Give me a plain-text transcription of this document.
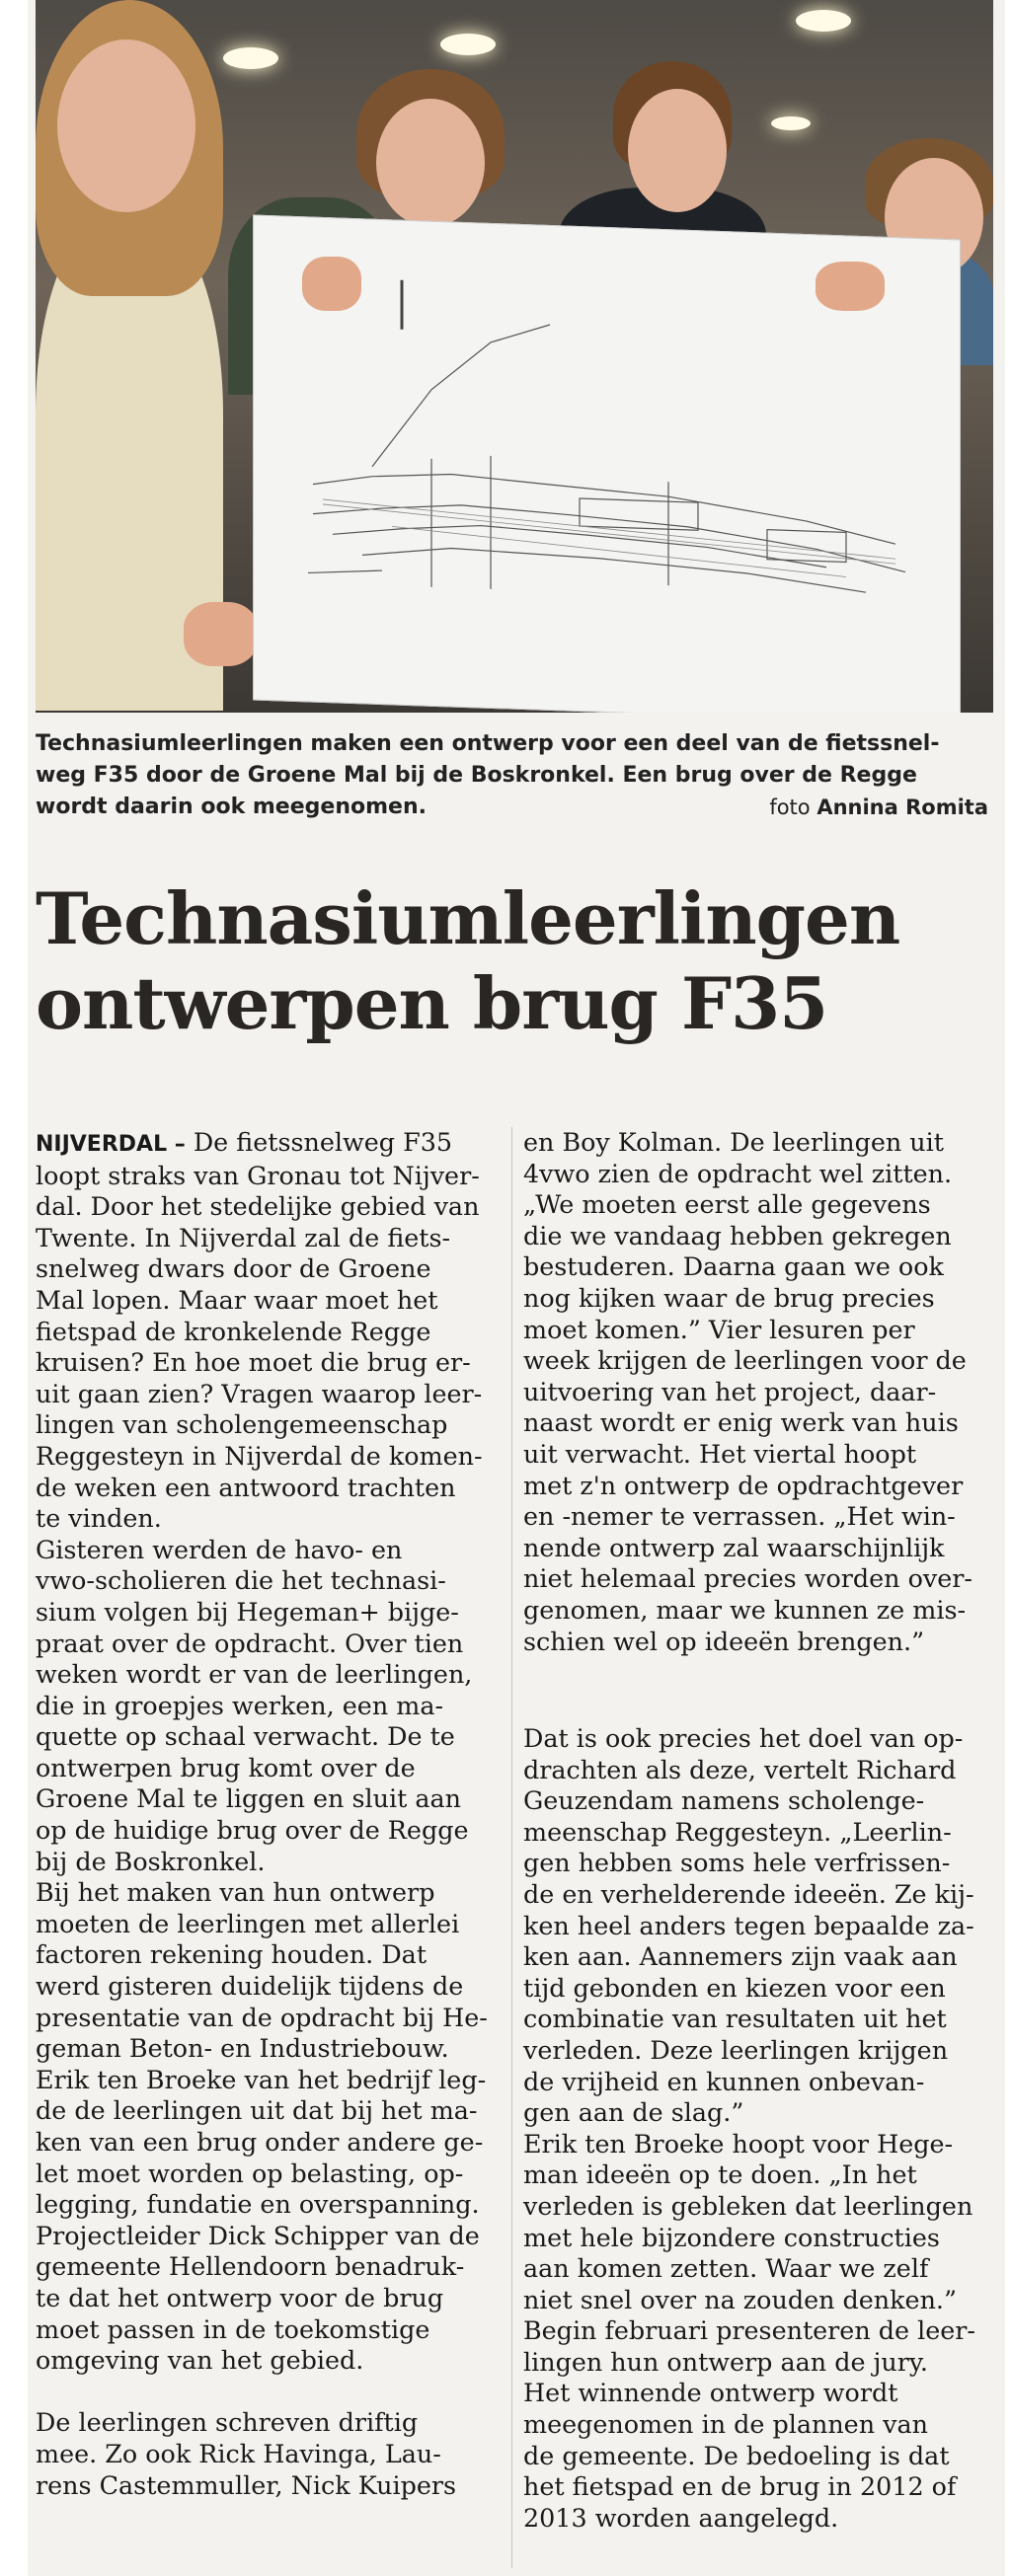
Technasiumleerlingen maken een ontwerp voor een deel van de fietssnel-
weg F35 door de Groene Mal bij de Boskronkel. Een brug over de Regge
wordt daarin ook meegenomen.	foto Annina Romita
Technasiumleerlingen
ontwerpen brug F35
NIJVERDAL – De fietssnelweg F35
loopt straks van Gronau tot Nijver-
dal. Door het stedelijke gebied van
Twente. In Nijverdal zal de fiets-
snelweg dwars door de Groene
Mal lopen. Maar waar moet het
fietspad de kronkelende Regge
kruisen? En hoe moet die brug er-
uit gaan zien? Vragen waarop leer-
lingen van scholengemeenschap
Reggesteyn in Nijverdal de komen-
de weken een antwoord trachten
te vinden.
Gisteren werden de havo- en
vwo-scholieren die het technasi-
sium volgen bij Hegeman+ bijge-
praat over de opdracht. Over tien
weken wordt er van de leerlingen,
die in groepjes werken, een ma-
quette op schaal verwacht. De te
ontwerpen brug komt over de
Groene Mal te liggen en sluit aan
op de huidige brug over de Regge
bij de Boskronkel.
Bij het maken van hun ontwerp
moeten de leerlingen met allerlei
factoren rekening houden. Dat
werd gisteren duidelijk tijdens de
presentatie van de opdracht bij He-
geman Beton- en Industriebouw.
Erik ten Broeke van het bedrijf leg-
de de leerlingen uit dat bij het ma-
ken van een brug onder andere ge-
let moet worden op belasting, op-
legging, fundatie en overspanning.
Projectleider Dick Schipper van de
gemeente Hellendoorn benadruk-
te dat het ontwerp voor de brug
moet passen in de toekomstige
omgeving van het gebied.
De leerlingen schreven driftig
mee. Zo ook Rick Havinga, Lau-
rens Castemmuller, Nick Kuipers
en Boy Kolman. De leerlingen uit
4vwo zien de opdracht wel zitten.
„We moeten eerst alle gegevens
die we vandaag hebben gekregen
bestuderen. Daarna gaan we ook
nog kijken waar de brug precies
moet komen.” Vier lesuren per
week krijgen de leerlingen voor de
uitvoering van het project, daar-
naast wordt er enig werk van huis
uit verwacht. Het viertal hoopt
met z'n ontwerp de opdrachtgever
en -nemer te verrassen. „Het win-
nende ontwerp zal waarschijnlijk
niet helemaal precies worden over-
genomen, maar we kunnen ze mis-
schien wel op ideeën brengen.”
Dat is ook precies het doel van op-
drachten als deze, vertelt Richard
Geuzendam namens scholenge-
meenschap Reggesteyn. „Leerlin-
gen hebben soms hele verfrissen-
de en verhelderende ideeën. Ze kij-
ken heel anders tegen bepaalde za-
ken aan. Aannemers zijn vaak aan
tijd gebonden en kiezen voor een
combinatie van resultaten uit het
verleden. Deze leerlingen krijgen
de vrijheid en kunnen onbevan-
gen aan de slag.”
Erik ten Broeke hoopt voor Hege-
man ideeën op te doen. „In het
verleden is gebleken dat leerlingen
met hele bijzondere constructies
aan komen zetten. Waar we zelf
niet snel over na zouden denken.”
Begin februari presenteren de leer-
lingen hun ontwerp aan de jury.
Het winnende ontwerp wordt
meegenomen in de plannen van
de gemeente. De bedoeling is dat
het fietspad en de brug in 2012 of
2013 worden aangelegd.
